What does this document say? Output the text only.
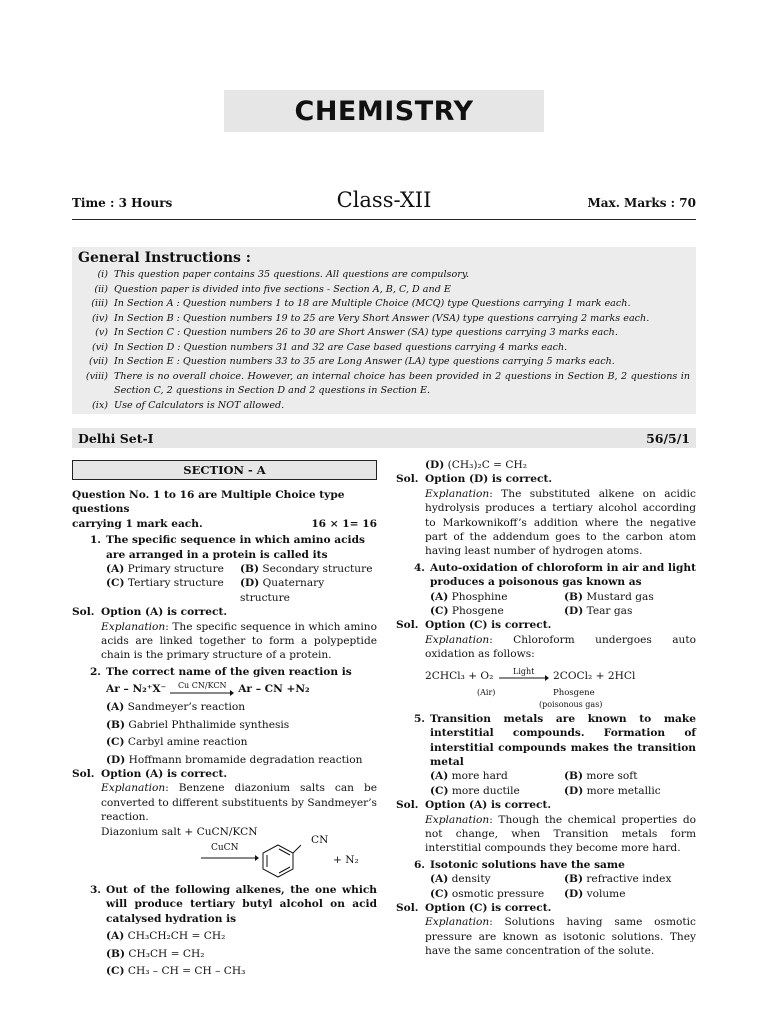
CHEMISTRY
Time : 3 Hours	Class-XII	Max. Marks : 70
General Instructions :
(i) This question paper contains 35 questions. All questions are compulsory.
(ii) Question paper is divided into five sections - Section A, B, C, D and E
(iii) In Section A : Question numbers 1 to 18 are Multiple Choice (MCQ) type Questions carrying 1 mark each.
(iv) In Section B : Question numbers 19 to 25 are Very Short Answer (VSA) type questions carrying 2 marks each.
(v) In Section C : Question numbers 26 to 30 are Short Answer (SA) type questions carrying 3 marks each.
(vi) In Section D : Question numbers 31 and 32 are Case based questions carrying 4 marks each.
(vii) In Section E : Question numbers 33 to 35 are Long Answer (LA) type questions carrying 5 marks each.
(viii) There is no overall choice. However, an internal choice has been provided in 2 questions in Section B, 2 questions in Section C, 2 questions in Section D and 2 questions in Section E.
(ix) Use of Calculators is NOT allowed.
Delhi Set-I	56/5/1
SECTION - A
Question No. 1 to 16 are Multiple Choice type questions
carrying 1 mark each.	16 × 1= 16
1. The specific sequence in which amino acids are arranged in a protein is called its
(A) Primary structure	(B) Secondary structure
(C) Tertiary structure	(D) Quaternary structure
Sol. Option (A) is correct.
Explanation: The specific sequence in which amino acids are linked together to form a polypeptide chain is the primary structure of a protein.
2. The correct name of the given reaction is
Ar – N₂⁺X⁻ Cu CN/KCN Ar – CN +N₂
(A) Sandmeyer’s reaction
(B) Gabriel Phthalimide synthesis
(C) Carbyl amine reaction
(D) Hoffmann bromamide degradation reaction
Sol. Option (A) is correct.
Explanation: Benzene diazonium salts can be converted to different substituents by Sandmeyer’s reaction.
Diazonium salt + CuCN/KCN
CuCN
CN
+ N₂
3. Out of the following alkenes, the one which will produce tertiary butyl alcohol on acid catalysed hydration is
(A) CH₃CH₂CH = CH₂
(B) CH₃CH = CH₂
(C) CH₃ – CH = CH – CH₃
(D) (CH₃)₂C = CH₂
Sol. Option (D) is correct.
Explanation: The substituted alkene on acidic hydrolysis produces a tertiary alcohol according to Markownikoff’s addition where the negative part of the addendum goes to the carbon atom having least number of hydrogen atoms.
4. Auto-oxidation of chloroform in air and light produces a poisonous gas known as
(A) Phosphine	(B) Mustard gas
(C) Phosgene	(D) Tear gas
Sol. Option (C) is correct.
Explanation: Chloroform undergoes auto oxidation as follows:
2CHCl₃ + O₂ Light 2COCl₂ + 2HCl
(Air)	Phosgene
(poisonous gas)
5. Transition metals are known to make interstitial compounds. Formation of interstitial compounds makes the transition metal
(A) more hard	(B) more soft
(C) more ductile	(D) more metallic
Sol. Option (A) is correct.
Explanation: Though the chemical properties do not change, when Transition metals form interstitial compounds they become more hard.
6. Isotonic solutions have the same
(A) density	(B) refractive index
(C) osmotic pressure	(D) volume
Sol. Option (C) is correct.
Explanation: Solutions having same osmotic pressure are known as isotonic solutions. They have the same concentration of the solute.
